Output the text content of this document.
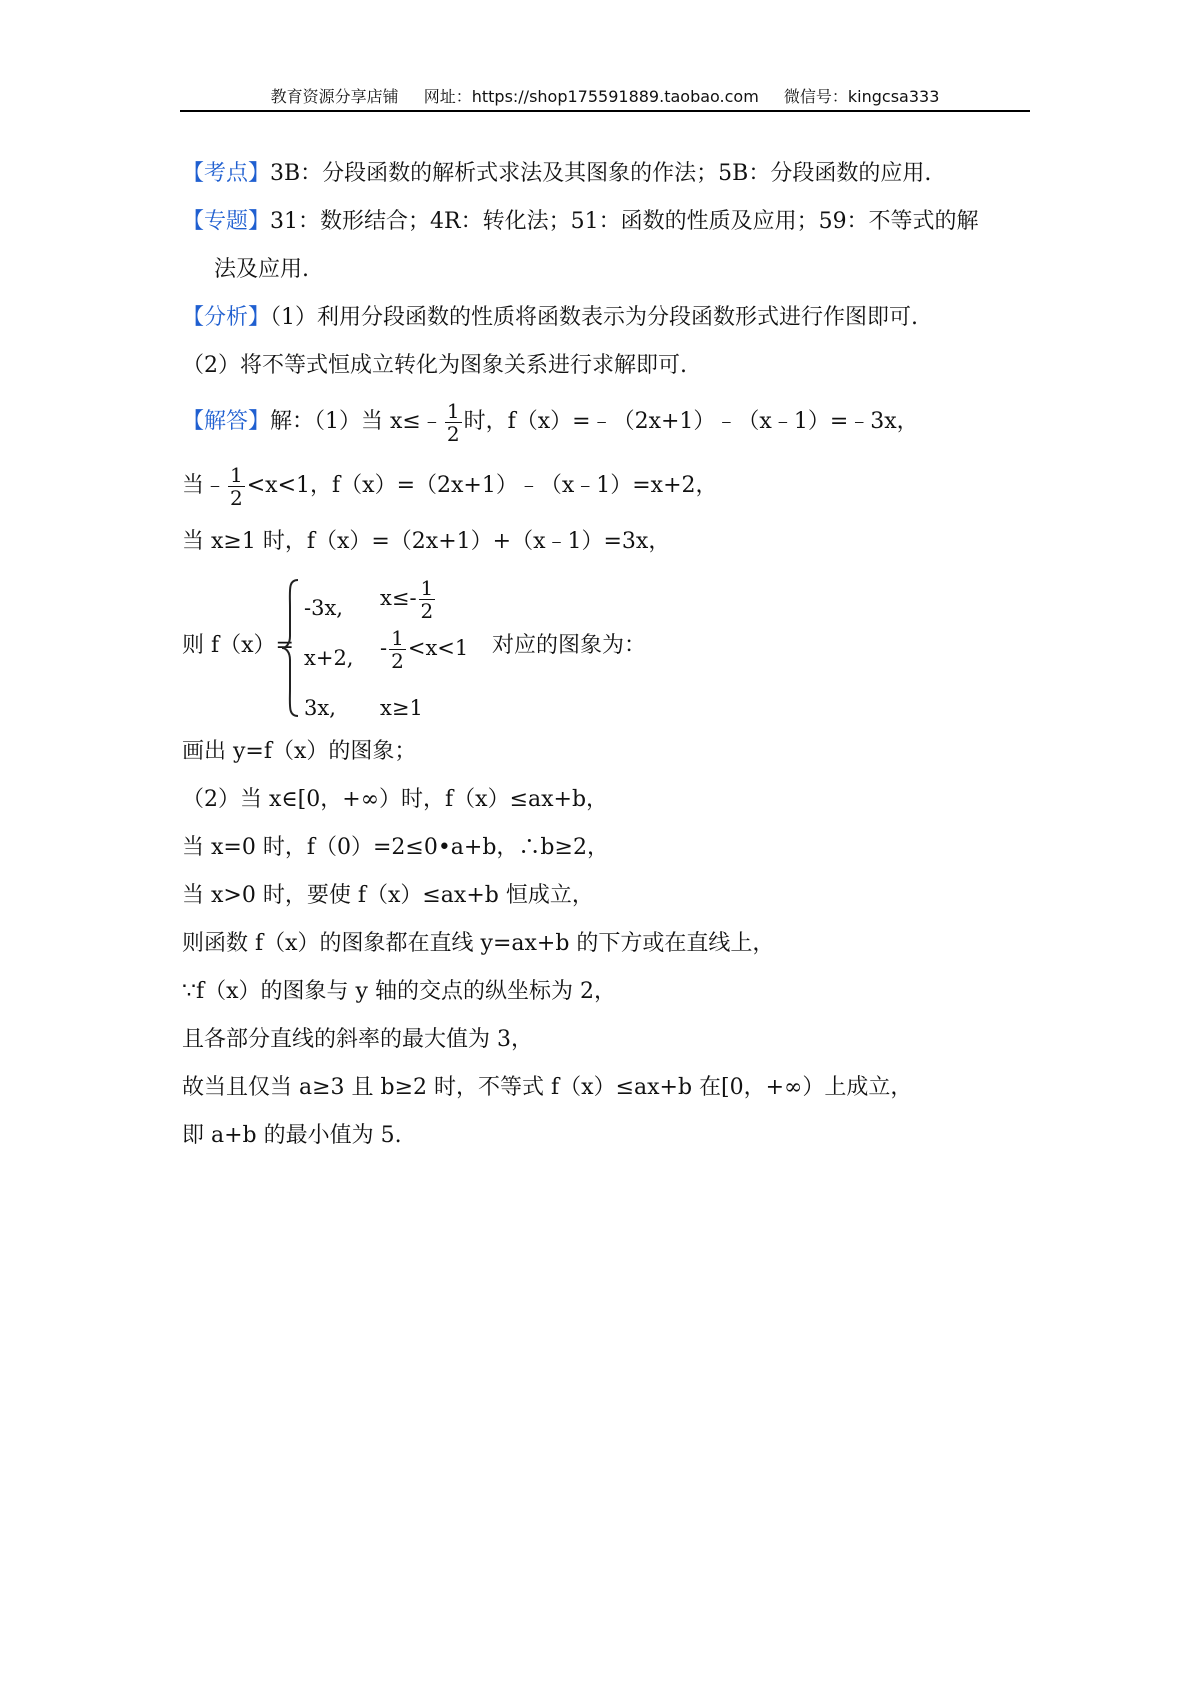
教育资源分享店铺 网址：https://shop175591889.taobao.com 微信号：kingcsa333
【考点】3B：分段函数的解析式求法及其图象的作法；5B：分段函数的应用.
【专题】31：数形结合；4R：转化法；51：函数的性质及应用；59：不等式的解
法及应用.
【分析】（1）利用分段函数的性质将函数表示为分段函数形式进行作图即可.
（2）将不等式恒成立转化为图象关系进行求解即可.
【解答】解：（1）当 x≤﹣ $\frac{1}{2}$ 时，f（x）=﹣（2x+1）﹣（x﹣1）=﹣3x，
当﹣ $\frac{1}{2} <x<1$，f（x）=（2x+1）﹣（x﹣1）=x+2，
当 x≥1 时，f（x）=（2x+1）+（x﹣1）=3x，
则 f（x）=
-3x, $x\le- \frac{1}{2}$
x+2, - $\frac{1}{2} <x<1$
3x, x≥1
对应的图象为：
画出 y=f（x）的图象；
（2）当 x∈[0，+∞）时，f（x）≤ax+b，
当 x=0 时，f（0）=2≤0•a+b，∴b≥2，
当 x>0 时，要使 f（x）≤ax+b 恒成立，
则函数 f（x）的图象都在直线 y=ax+b 的下方或在直线上，
∵f（x）的图象与 y 轴的交点的纵坐标为 2，
且各部分直线的斜率的最大值为 3，
故当且仅当 a≥3 且 b≥2 时，不等式 f（x）≤ax+b 在[0，+∞）上成立，
即 a+b 的最小值为 5.
